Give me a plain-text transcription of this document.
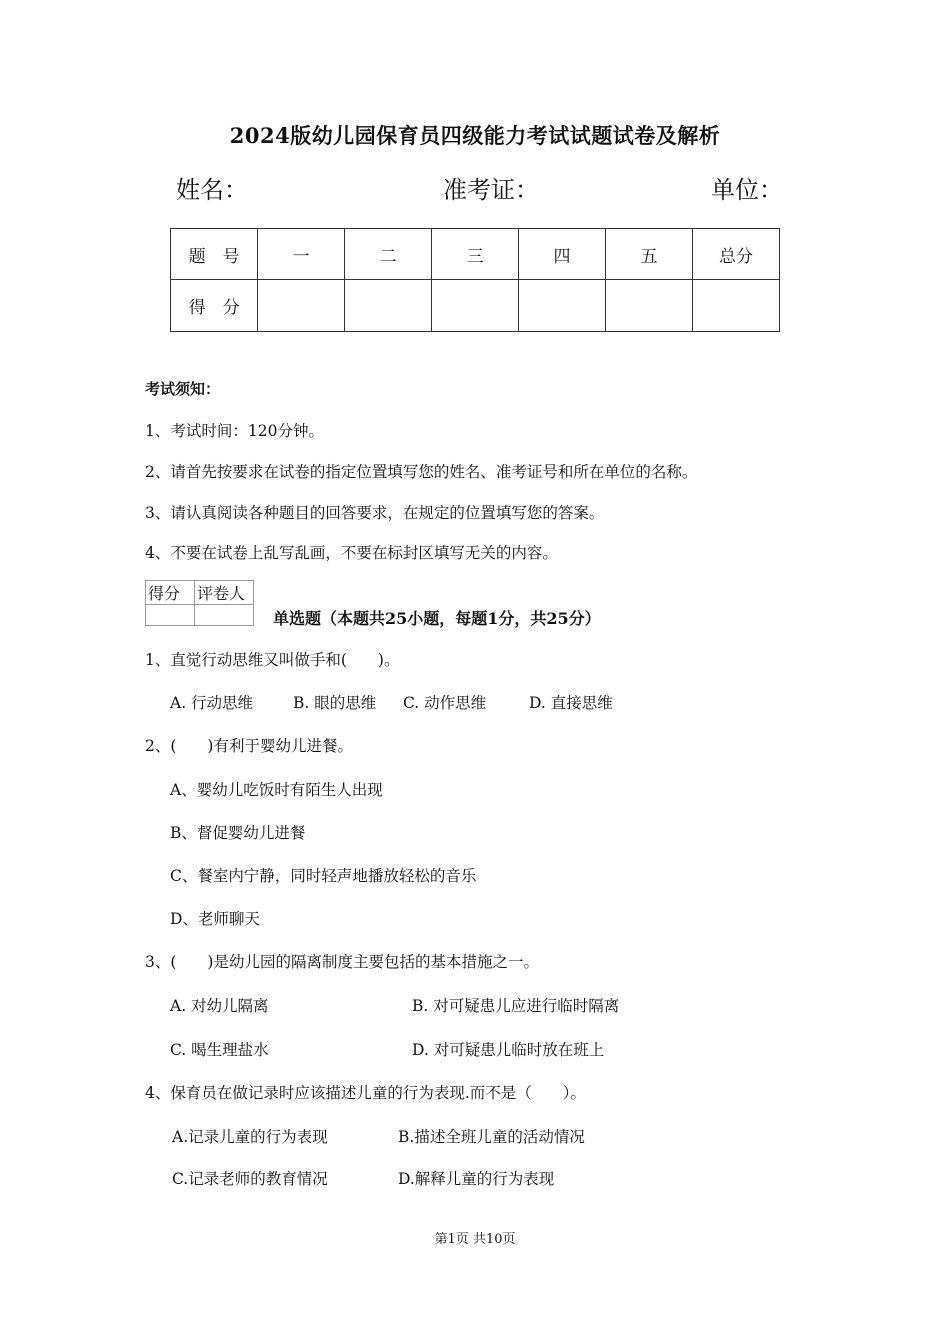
2024版幼儿园保育员四级能力考试试题试卷及解析
姓名：	准考证：	单位：
题　号	一	二	三	四	五	总分
得　分						
考试须知：
1、考试时间：120分钟。
2、请首先按要求在试卷的指定位置填写您的姓名、准考证号和所在单位的名称。
3、请认真阅读各种题目的回答要求，在规定的位置填写您的答案。
4、不要在试卷上乱写乱画，不要在标封区填写无关的内容。
得分	评卷人

单选题（本题共25小题，每题1分，共25分）
1、直觉行动思维又叫做手和(　　)。
A. 行动思维	B. 眼的思维 C. 动作思维	D. 直接思维
2、(　　)有利于婴幼儿进餐。
A、婴幼儿吃饭时有陌生人出现
B、督促婴幼儿进餐
C、餐室内宁静，同时轻声地播放轻松的音乐
D、老师聊天
3、(　　)是幼儿园的隔离制度主要包括的基本措施之一。
A. 对幼儿隔离	B. 对可疑患儿应进行临时隔离
C. 喝生理盐水	D. 对可疑患儿临时放在班上
4、保育员在做记录时应该描述儿童的行为表现.而不是（　　）。
A.记录儿童的行为表现	B.描述全班儿童的活动情况
C.记录老师的教育情况	D.解释儿童的行为表现
第1页 共10页
